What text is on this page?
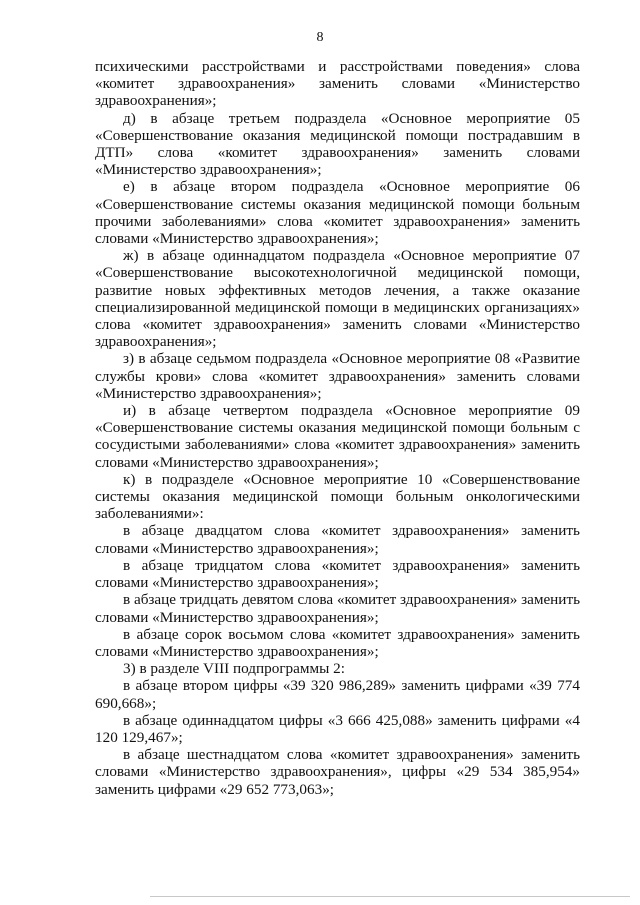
8

психическими расстройствами и расстройствами поведения» слова «комитет здравоохранения» заменить словами «Министерство здравоохранения»;

д) в абзаце третьем подраздела «Основное мероприятие 05 «Совершенствование оказания медицинской помощи пострадавшим в ДТП» слова «комитет здравоохранения» заменить словами «Министерство здравоохранения»;

е) в абзаце втором подраздела «Основное мероприятие 06 «Совершенствование системы оказания медицинской помощи больным прочими заболеваниями» слова «комитет здравоохранения» заменить словами «Министерство здравоохранения»;

ж) в абзаце одиннадцатом подраздела «Основное мероприятие 07 «Совершенствование высокотехнологичной медицинской помощи, развитие новых эффективных методов лечения, а также оказание специализированной медицинской помощи в медицинских организациях» слова «комитет здравоохранения» заменить словами «Министерство здравоохранения»;

з) в абзаце седьмом подраздела «Основное мероприятие 08 «Развитие службы крови» слова «комитет здравоохранения» заменить словами «Министерство здравоохранения»;

и) в абзаце четвертом подраздела «Основное мероприятие 09 «Совершенствование системы оказания медицинской помощи больным с сосудистыми заболеваниями» слова «комитет здравоохранения» заменить словами «Министерство здравоохранения»;

к) в подразделе «Основное мероприятие 10 «Совершенствование системы оказания медицинской помощи больным онкологическими заболеваниями»:

в абзаце двадцатом слова «комитет здравоохранения» заменить словами «Министерство здравоохранения»;

в абзаце тридцатом слова «комитет здравоохранения» заменить словами «Министерство здравоохранения»;

в абзаце тридцать девятом слова «комитет здравоохранения» заменить словами «Министерство здравоохранения»;

в абзаце сорок восьмом слова «комитет здравоохранения» заменить словами «Министерство здравоохранения»;

3) в разделе VIII подпрограммы 2:

в абзаце втором цифры «39 320 986,289» заменить цифрами «39 774 690,668»;

в абзаце одиннадцатом цифры «3 666 425,088» заменить цифрами «4 120 129,467»;

в абзаце шестнадцатом слова «комитет здравоохранения» заменить словами «Министерство здравоохранения», цифры «29 534 385,954» заменить цифрами «29 652 773,063»;
